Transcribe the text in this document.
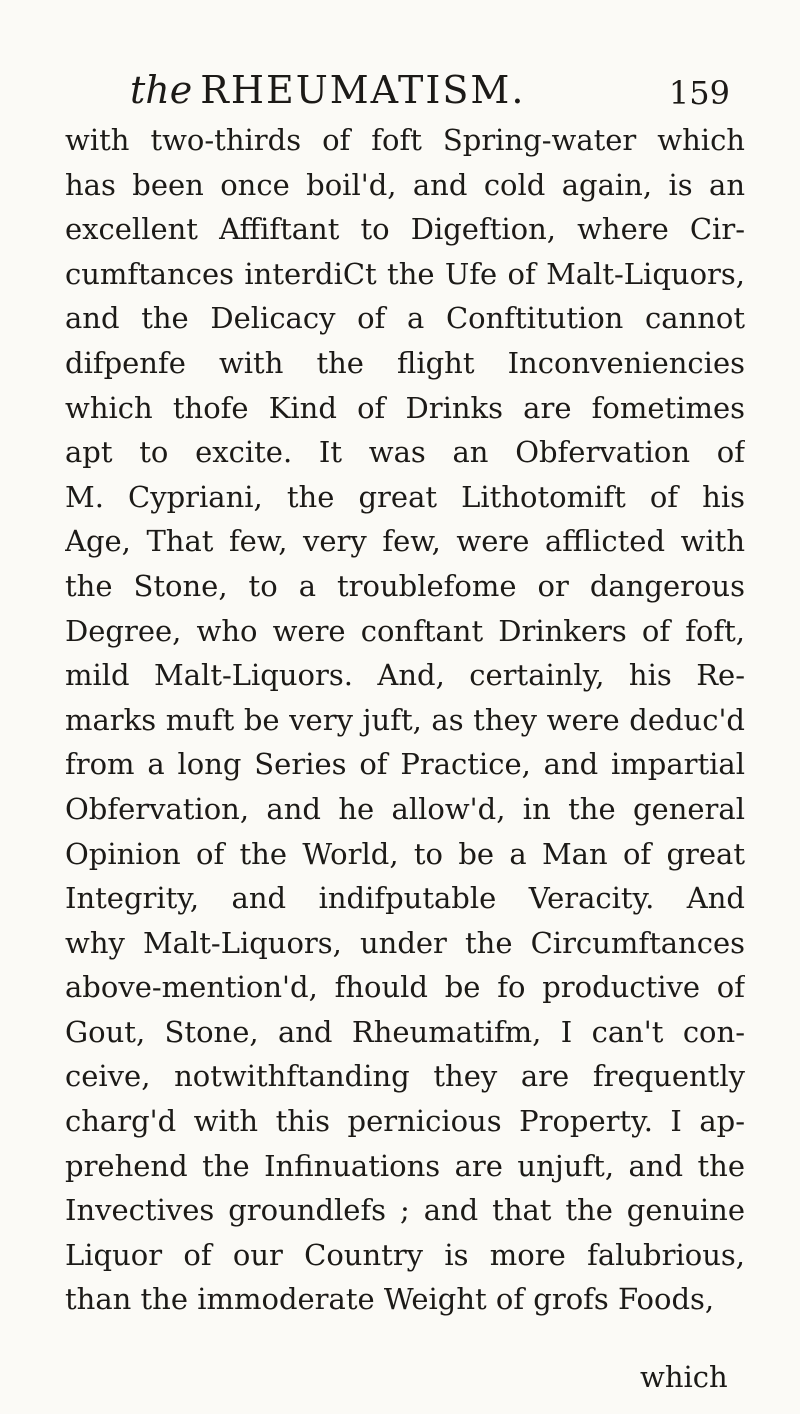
the RHEUMATISM.	159
with two-thirds of foft Spring-water which
has been once boil'd, and cold again, is an
excellent Affiftant to Digeftion, where Cir-
cumftances interdiCt the Ufe of Malt-Liquors,
and the Delicacy of a Conftitution cannot
difpenfe with the flight Inconveniencies
which thofe Kind of Drinks are fometimes
apt to excite. It was an Obfervation of
M. Cypriani, the great Lithotomift of his
Age, That few, very few, were afflicted with
the Stone, to a troublefome or dangerous
Degree, who were conftant Drinkers of foft,
mild Malt-Liquors. And, certainly, his Re-
marks muft be very juft, as they were deduc'd
from a long Series of Practice, and impartial
Obfervation, and he allow'd, in the general
Opinion of the World, to be a Man of great
Integrity, and indifputable Veracity. And
why Malt-Liquors, under the Circumftances
above-mention'd, fhould be fo productive of
Gout, Stone, and Rheumatifm, I can't con-
ceive, notwithftanding they are frequently
charg'd with this pernicious Property. I ap-
prehend the Infinuations are unjuft, and the
Invectives groundlefs ; and that the genuine
Liquor of our Country is more falubrious,
than the immoderate Weight of grofs Foods,
which
